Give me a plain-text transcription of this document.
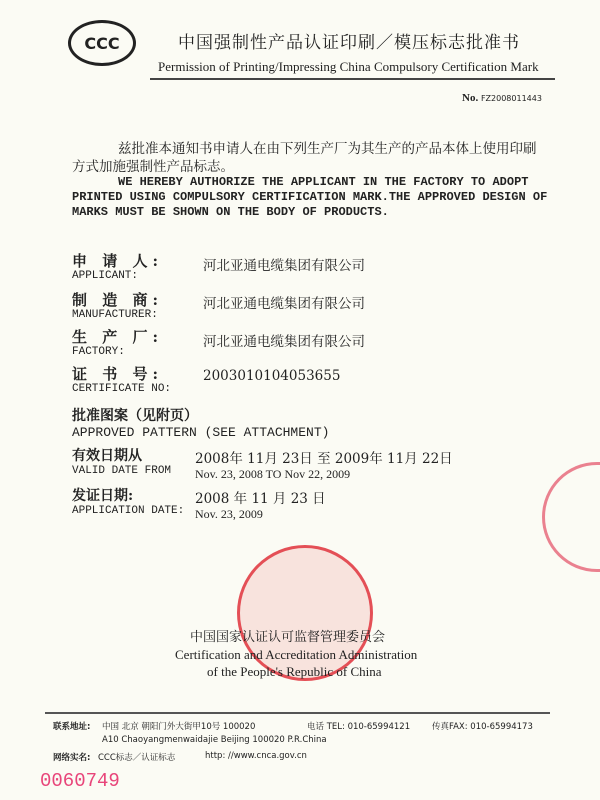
CCC	中国强制性产品认证印刷／模压标志批准书
Permission of Printing/Impressing China Compulsory Certification Mark
No. FZ2008011443
兹批准本通知书申请人在由下列生产厂为其生产的产品本体上使用印刷
方式加施强制性产品标志。
WE HEREBY AUTHORIZE THE APPLICANT IN THE FACTORY TO ADOPT
PRINTED USING COMPULSORY CERTIFICATION MARK.THE APPROVED DESIGN OF
MARKS MUST BE SHOWN ON THE BODY OF PRODUCTS.
申 请 人:
APPLICANT:
河北亚通电缆集团有限公司
制 造 商:
MANUFACTURER:
河北亚通电缆集团有限公司
生 产 厂:
FACTORY:
河北亚通电缆集团有限公司
证 书 号:
CERTIFICATE NO:
2003010104053655
批准图案（见附页）
APPROVED PATTERN (SEE ATTACHMENT)
有效日期从
VALID DATE FROM
2008年 11月 23日 至 2009年 11月 22日
Nov. 23, 2008 TO Nov 22, 2009
发证日期:
APPLICATION DATE:
2008 年 11 月 23 日
Nov. 23, 2009
中国国家认证认可监督管理委员会
Certification and Accreditation Administration
of the People's Republic of China
联系地址: 中国 北京 朝阳门外大街甲10号 100020	电话 TEL: 010-65994121	传真FAX: 010-65994173
A10 Chaoyangmenwaidajie Beijing 100020 P.R.China
网络实名: CCC标志／认证标志	http: //www.cnca.gov.cn
0060749
